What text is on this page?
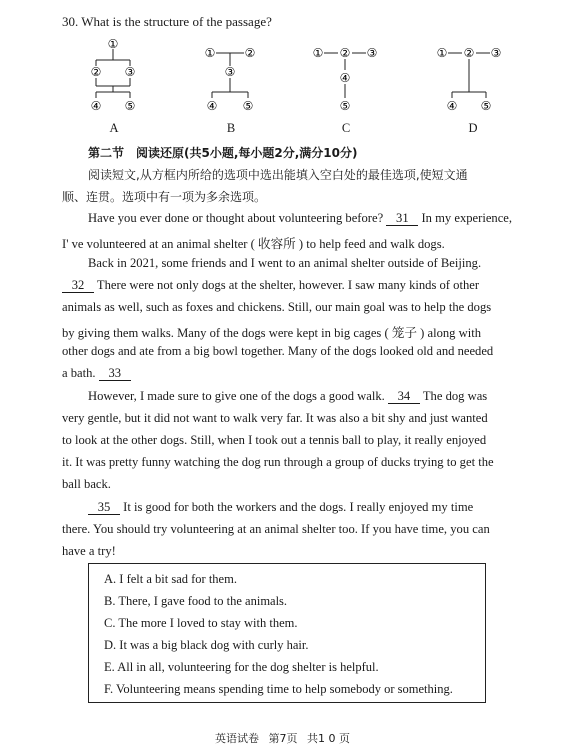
30. What is the structure of the passage?
①
② ③
④ ⑤
① ②
③
④ ⑤
① ② ③
④
⑤
① ② ③
④ ⑤
A	B	C	D
第二节　阅读还原(共5小题,每小题2分,满分10分)
阅读短文,从方框内所给的选项中选出能填入空白处的最佳选项,使短文通
顺、连贯。选项中有一项为多余选项。
Have you ever done or thought about volunteering before? 31 In my experience,
I' ve volunteered at an animal shelter ( 收容所 ) to help feed and walk dogs.
Back in 2021, some friends and I went to an animal shelter outside of Beijing.
32 There were not only dogs at the shelter, however. I saw many kinds of other
animals as well, such as foxes and chickens. Still, our main goal was to help the dogs
by giving them walks. Many of the dogs were kept in big cages ( 笼子 ) along with
other dogs and ate from a big bowl together. Many of the dogs looked old and needed
a bath. 33
However, I made sure to give one of the dogs a good walk. 34 The dog was
very gentle, but it did not want to walk very far. It was also a bit shy and just wanted
to look at the other dogs. Still, when I took out a tennis ball to play, it really enjoyed
it. It was pretty funny watching the dog run through a group of ducks trying to get the
ball back.
35 It is good for both the workers and the dogs. I really enjoyed my time
there. You should try volunteering at an animal shelter too. If you have time, you can
have a try!
A. I felt a bit sad for them.
B. There, I gave food to the animals.
C. The more I loved to stay with them.
D. It was a big black dog with curly hair.
E. All in all, volunteering for the dog shelter is helpful.
F. Volunteering means spending time to help somebody or something.
英语试卷 第7页 共1 0 页
